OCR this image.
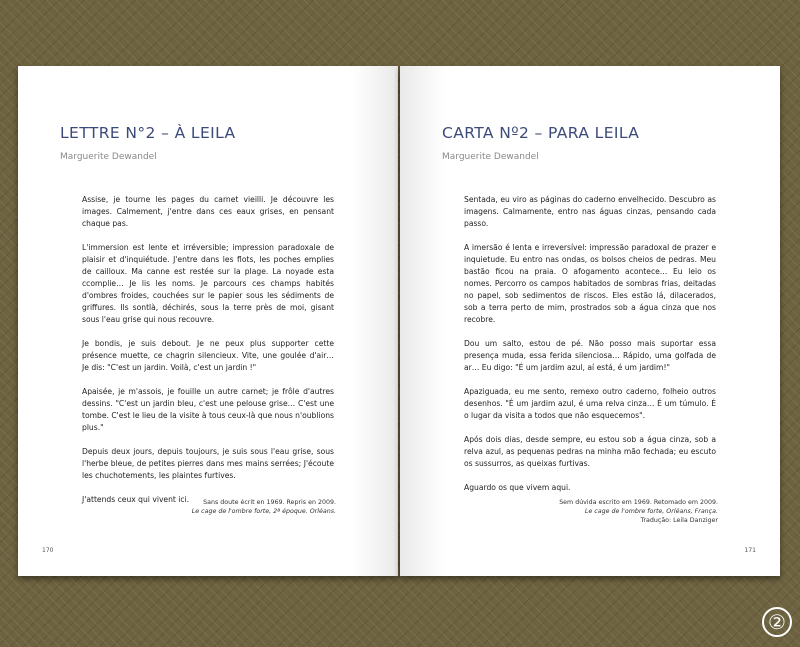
LETTRE N°2 – À LEILA
Marguerite Dewandel

Assise, je tourne les pages du carnet vieilli. Je découvre les images. Calmement, j'entre dans ces eaux grises, en pensant chaque pas.

L'immersion est lente et irréversible; impression paradoxale de plaisir et d'inquiétude. J'entre dans les flots, les poches emplies de cailloux. Ma canne est restée sur la plage. La noyade esta ccomplie… Je lis les noms. Je parcours ces champs habités d'ombres froides, couchées sur le papier sous les sédiments de griffures. Ils sontlà, déchirés, sous la terre près de moi, gisant sous l'eau grise qui nous recouvre.

Je bondis, je suis debout. Je ne peux plus supporter cette présence muette, ce chagrin silencieux. Vite, une goulée d'air… Je dis: "C'est un jardin. Voilà, c'est un jardin !"

Apaisée, je m'assois, je fouille un autre carnet; je frôle d'autres dessins. "C'est un jardin bleu, c'est une pelouse grise… C'est une tombe. C'est le lieu de la visite à tous ceux-là que nous n'oublions plus."

Depuis deux jours, depuis toujours, je suis sous l'eau grise, sous l'herbe bleue, de petites pierres dans mes mains serrées; J'écoute les chuchotements, les plaintes furtives.

J'attends ceux qui vivent ici.	Sans doute écrit en 1969. Repris en 2009.
Le cage de l'ombre forte, 2ª époque. Orléans.
170
CARTA Nº2 – PARA LEILA
Marguerite Dewandel

Sentada, eu viro as páginas do caderno envelhecido. Descubro as imagens. Calmamente, entro nas águas cinzas, pensando cada passo.

A imersão é lenta e irreversível: impressão paradoxal de prazer e inquietude. Eu entro nas ondas, os bolsos cheios de pedras. Meu bastão ficou na praia. O afogamento acontece… Eu leio os nomes. Percorro os campos habitados de sombras frias, deitadas no papel, sob sedimentos de riscos. Eles estão lá, dilacerados, sob a terra perto de mim, prostrados sob a água cinza que nos recobre.

Dou um salto, estou de pé. Não posso mais suportar essa presença muda, essa ferida silenciosa… Rápido, uma golfada de ar… Eu digo: "É um jardim azul, aí está, é um jardim!"

Apaziguada, eu me sento, remexo outro caderno, folheio outros desenhos. "É um jardim azul, é uma relva cinza… É um túmulo. É o lugar da visita a todos que não esquecemos".

Após dois dias, desde sempre, eu estou sob a água cinza, sob a relva azul, as pequenas pedras na minha mão fechada; eu escuto os sussurros, as queixas furtivas.

Aguardo os que vivem aqui.

Sem dúvida escrito em 1969. Retomado em 2009.
Le cage de l'ombre forte, Orléans, França.
Tradução: Leila Danziger
171
②
